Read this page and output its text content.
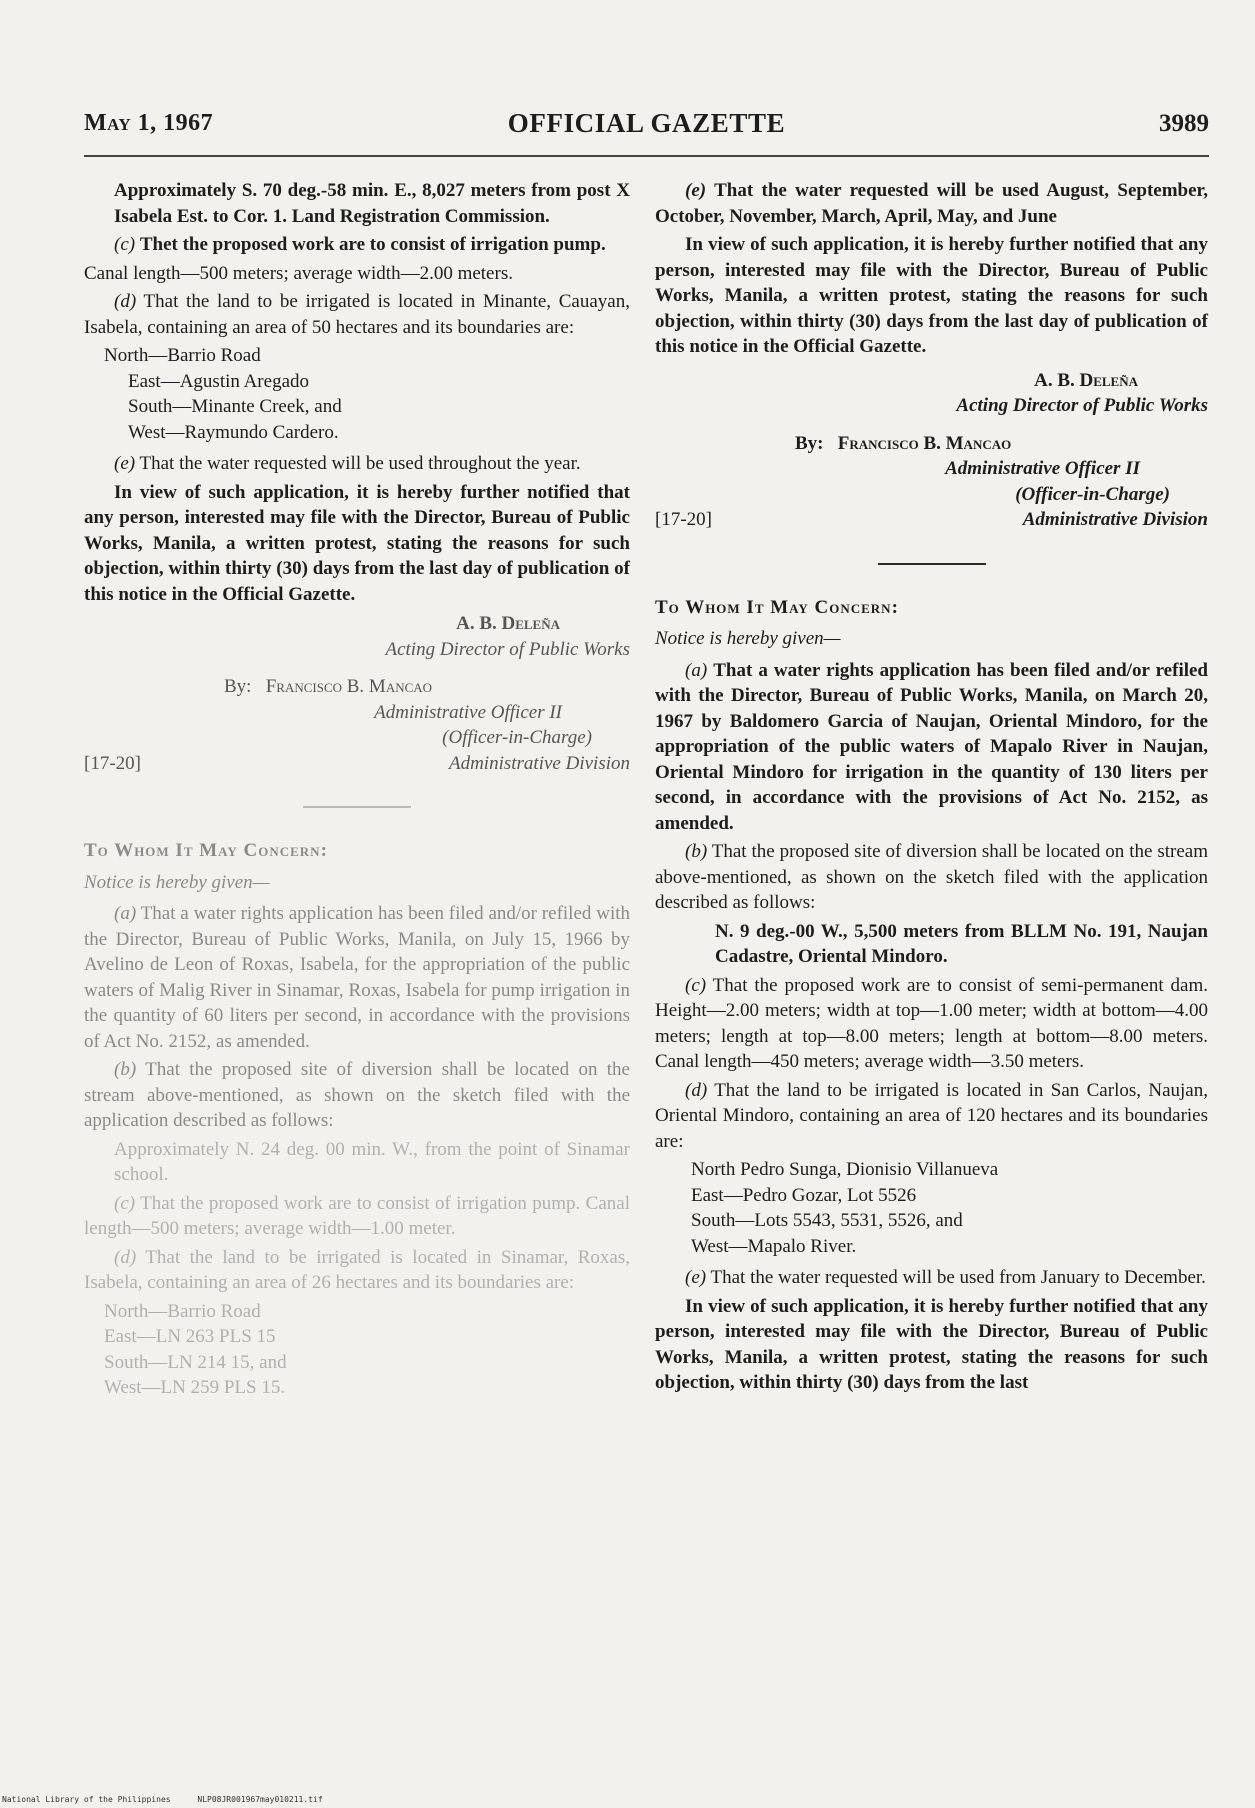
May 1, 1967	OFFICIAL GAZETTE	3989

Approximately S. 70 deg.-58 min. E., 8,027 meters from post X Isabela Est. to Cor. 1. Land Registration Commission.

(c) Thet the proposed work are to consist of irrigation pump.

Canal length—500 meters; average width—2.00 meters.

(d) That the land to be irrigated is located in Minante, Cauayan, Isabela, containing an area of 50 hectares and its boundaries are:

North—Barrio Road
East—Agustin Aregado
South—Minante Creek, and
West—Raymundo Cardero.

(e) That the water requested will be used throughout the year.

In view of such application, it is hereby further notified that any person, interested may file with the Director, Bureau of Public Works, Manila, a written protest, stating the reasons for such objection, within thirty (30) days from the last day of publication of this notice in the Official Gazette.

A. B. Deleña
Acting Director of Public Works
By: Francisco B. Mancao
Administrative Officer II
(Officer-in-Charge)
[17-20]	Administrative Division

To Whom It May Concern:

Notice is hereby given—

(a) That a water rights application has been filed and/or refiled with the Director, Bureau of Public Works, Manila, on July 15, 1966 by Avelino de Leon of Roxas, Isabela, for the appropriation of the public waters of Malig River in Sinamar, Roxas, Isabela for pump irrigation in the quantity of 60 liters per second, in accordance with the provisions of Act No. 2152, as amended.

(b) That the proposed site of diversion shall be located on the stream above-mentioned, as shown on the sketch filed with the application described as follows:

Approximately N. 24 deg. 00 min. W., from the point of Sinamar school.

(c) That the proposed work are to consist of irrigation pump. Canal length—500 meters; average width—1.00 meter.

(d) That the land to be irrigated is located in Sinamar, Roxas, Isabela, containing an area of 26 hectares and its boundaries are:

North—Barrio Road
East—LN 263 PLS 15
South—LN 214 15, and
West—LN 259 PLS 15.

(e) That the water requested will be used August, September, October, November, March, April, May, and June

In view of such application, it is hereby further notified that any person, interested may file with the Director, Bureau of Public Works, Manila, a written protest, stating the reasons for such objection, within thirty (30) days from the last day of publication of this notice in the Official Gazette.

A. B. Deleña
Acting Director of Public Works
By: Francisco B. Mancao
Administrative Officer II
(Officer-in-Charge)
[17-20]	Administrative Division

To Whom It May Concern:

Notice is hereby given—

(a) That a water rights application has been filed and/or refiled with the Director, Bureau of Public Works, Manila, on March 20, 1967 by Baldomero Garcia of Naujan, Oriental Mindoro, for the appropriation of the public waters of Mapalo River in Naujan, Oriental Mindoro for irrigation in the quantity of 130 liters per second, in accordance with the provisions of Act No. 2152, as amended.

(b) That the proposed site of diversion shall be located on the stream above-mentioned, as shown on the sketch filed with the application described as follows:

N. 9 deg.-00 W., 5,500 meters from BLLM No. 191, Naujan Cadastre, Oriental Mindoro.

(c) That the proposed work are to consist of semi-permanent dam. Height—2.00 meters; width at top—1.00 meter; width at bottom—4.00 meters; length at top—8.00 meters; length at bottom—8.00 meters. Canal length—450 meters; average width—3.50 meters.

(d) That the land to be irrigated is located in San Carlos, Naujan, Oriental Mindoro, containing an area of 120 hectares and its boundaries are:

North Pedro Sunga, Dionisio Villanueva
East—Pedro Gozar, Lot 5526
South—Lots 5543, 5531, 5526, and
West—Mapalo River.

(e) That the water requested will be used from January to December.

In view of such application, it is hereby further notified that any person, interested may file with the Director, Bureau of Public Works, Manila, a written protest, stating the reasons for such objection, within thirty (30) days from the last

National Library of the Philippines	NLP08JR001967may010211.tif
